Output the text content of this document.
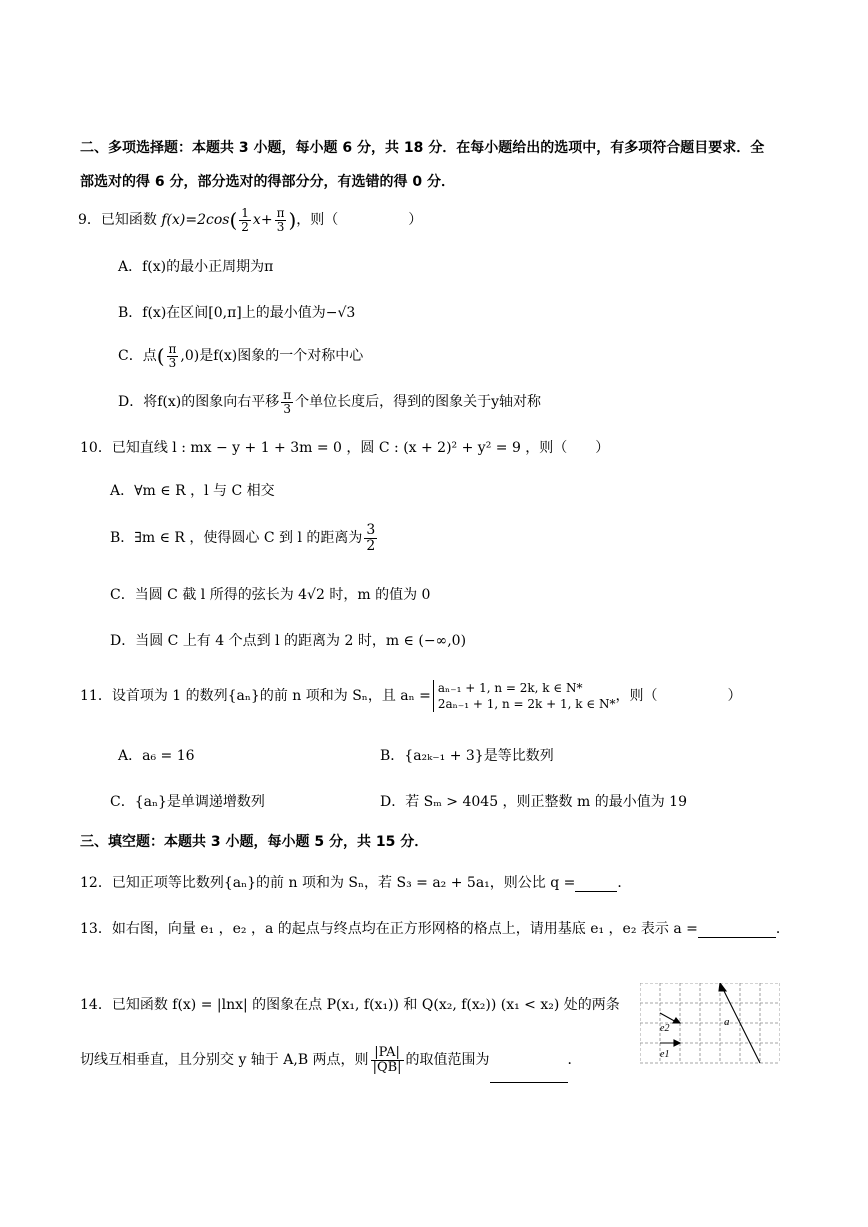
二、多项选择题：本题共 3 小题，每小题 6 分，共 18 分．在每小题给出的选项中，有多项符合题目要求．全
部选对的得 6 分，部分选对的得部分分，有选错的得 0 分．
9．已知函数 $f(x)=2\cos( \frac{1}{2} x+ \frac{\pi}{3}$ )，则（　　　　　）
A．f(x)的最小正周期为π
B．f(x)在区间[0,π]上的最小值为−√3
C．点( $\frac{\pi}{3} ,0$)是f(x)图象的一个对称中心
D．将f(x)的图象向右平移 $\frac{\pi}{3}$ 个单位长度后，得到的图象关于y轴对称
10．已知直线 l : mx − y + 1 + 3m = 0 ，圆 C : (x + 2)² + y² = 9 ，则（　　）
A．∀m ∈ R ，l 与 C 相交
B．∃m ∈ R ，使得圆心 C 到 l 的距离为 $\frac{3}{2}$
C．当圆 C 截 l 所得的弦长为 4√2 时，m 的值为 0
D．当圆 C 上有 4 个点到 l 的距离为 2 时，m ∈ (−∞,0)
11．设首项为 1 的数列{aₙ}的前 n 项和为 Sₙ，且 aₙ =
aₙ₋₁ + 1, n = 2k, k ∈ N*
2aₙ₋₁ + 1, n = 2k + 1, k ∈ N* ，则（　　　　　）
A．a₆ = 16	B．{a₂ₖ₋₁ + 3}是等比数列
C．{aₙ}是单调递增数列	D．若 Sₘ > 4045 ，则正整数 m 的最小值为 19
三、填空题：本题共 3 小题，每小题 5 分，共 15 分．
12．已知正项等比数列{aₙ}的前 n 项和为 Sₙ，若 S₃ = a₂ + 5a₁，则公比 q =	．
13．如右图，向量 e₁ ，e₂ ，a 的起点与终点均在正方形网格的格点上，请用基底 e₁ ，e₂ 表示 a =	．
14．已知函数 f(x) = |lnx| 的图象在点 P(x₁, f(x₁)) 和 Q(x₂, f(x₂)) (x₁ < x₂) 处的两条
切线互相垂直，且分别交 y 轴于 A,B 两点，则 $\frac{|PA|}{|QB|}$ 的取值范围为	．
a
e2
e1
